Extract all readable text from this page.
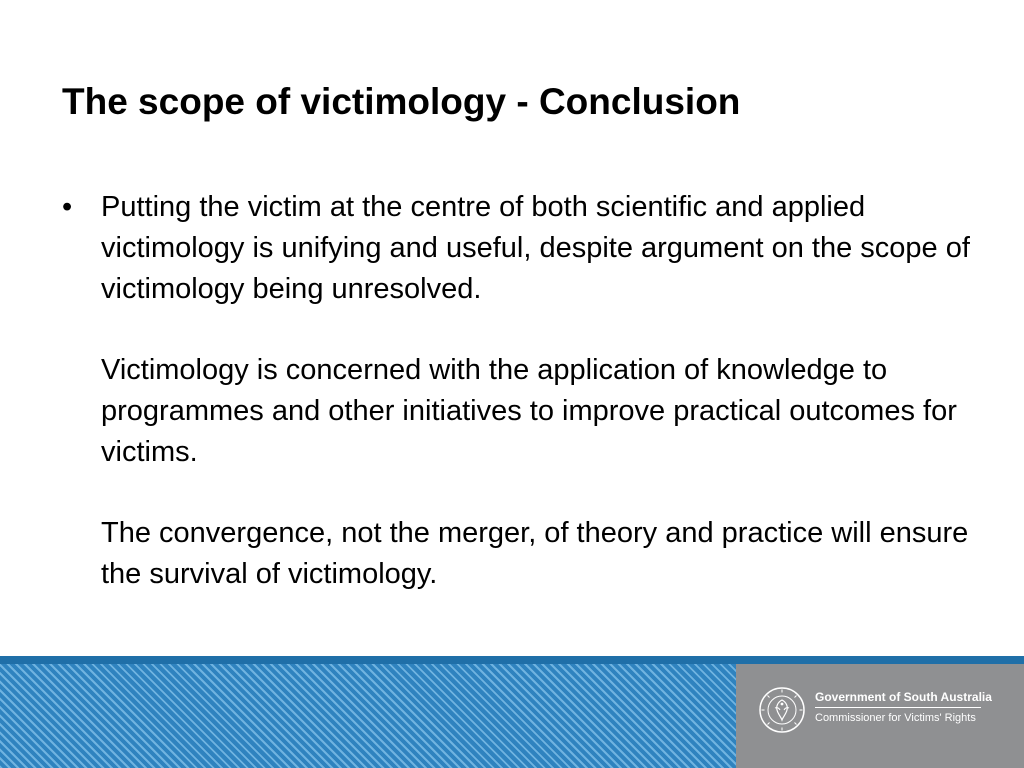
The scope of victimology - Conclusion
• Putting the victim at the centre of both scientific and applied victimology is unifying and useful, despite argument on the scope of victimology being unresolved.

Victimology is concerned with the application of knowledge to programmes and other initiatives to improve practical outcomes for victims.

The convergence, not the merger, of theory and practice will ensure the survival of victimology.

Government of South Australia
Commissioner for Victims' Rights
